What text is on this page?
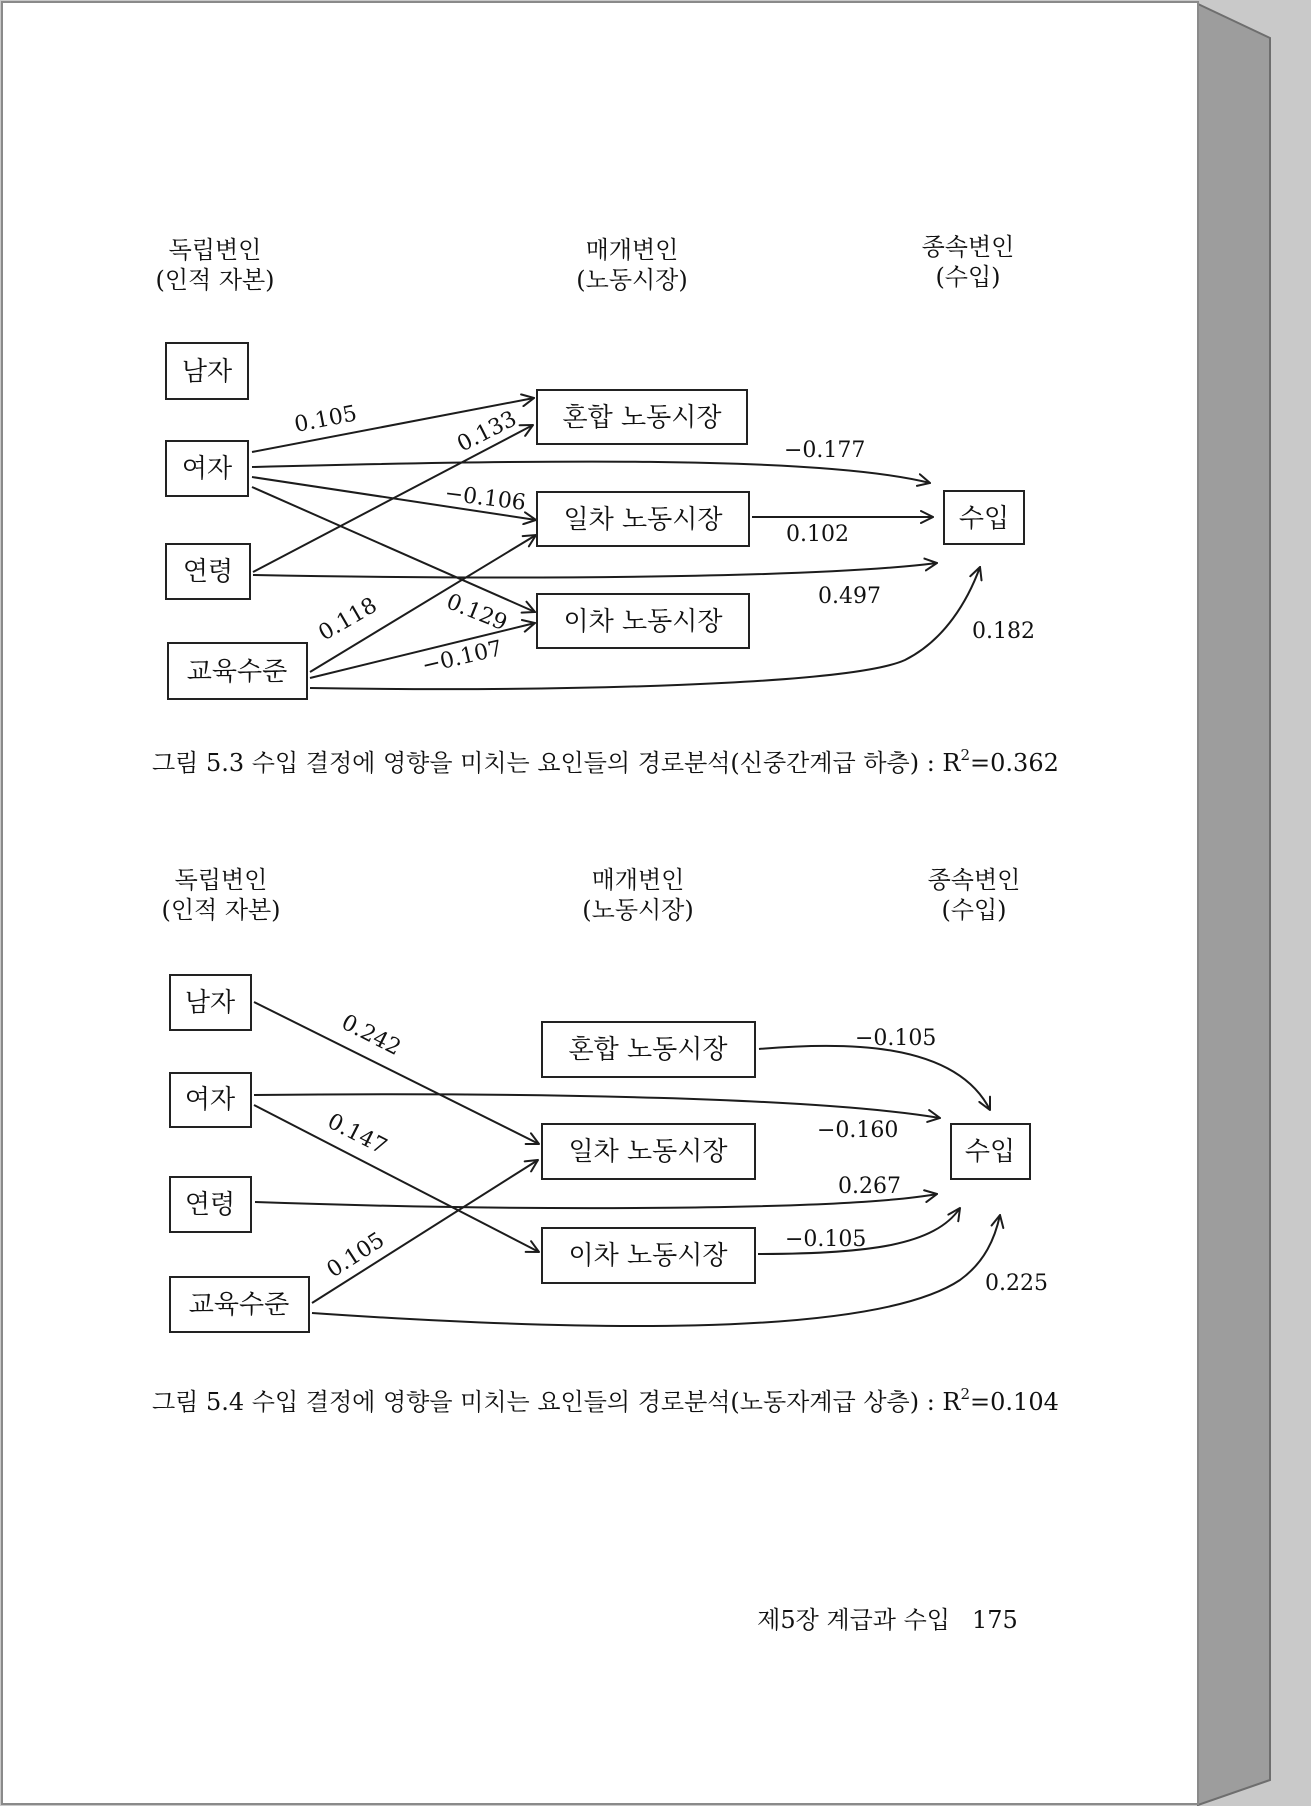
독립변인
(인적 자본)
매개변인
(노동시장)
종속변인
(수입)
남자
여자
연령
교육수준
혼합 노동시장
일차 노동시장
이차 노동시장
수입
0.105	0.133	−0.177
−0.106
0.129
0.102
0.497
0.118
−0.107
0.182
그림 5.3 수입 결정에 영향을 미치는 요인들의 경로분석(신중간계급 하층) : $R^2=0.362$
독립변인
(인적 자본)
매개변인
(노동시장)
종속변인
(수입)
남자
여자
연령
교육수준
혼합 노동시장
일차 노동시장
이차 노동시장
수입
0.242	−0.105
−0.160
0.147
0.267
0.105	−0.105
0.225
그림 5.4 수입 결정에 영향을 미치는 요인들의 경로분석(노동자계급 상층) : $R^2=0.104$
제5장 계급과 수입 175
